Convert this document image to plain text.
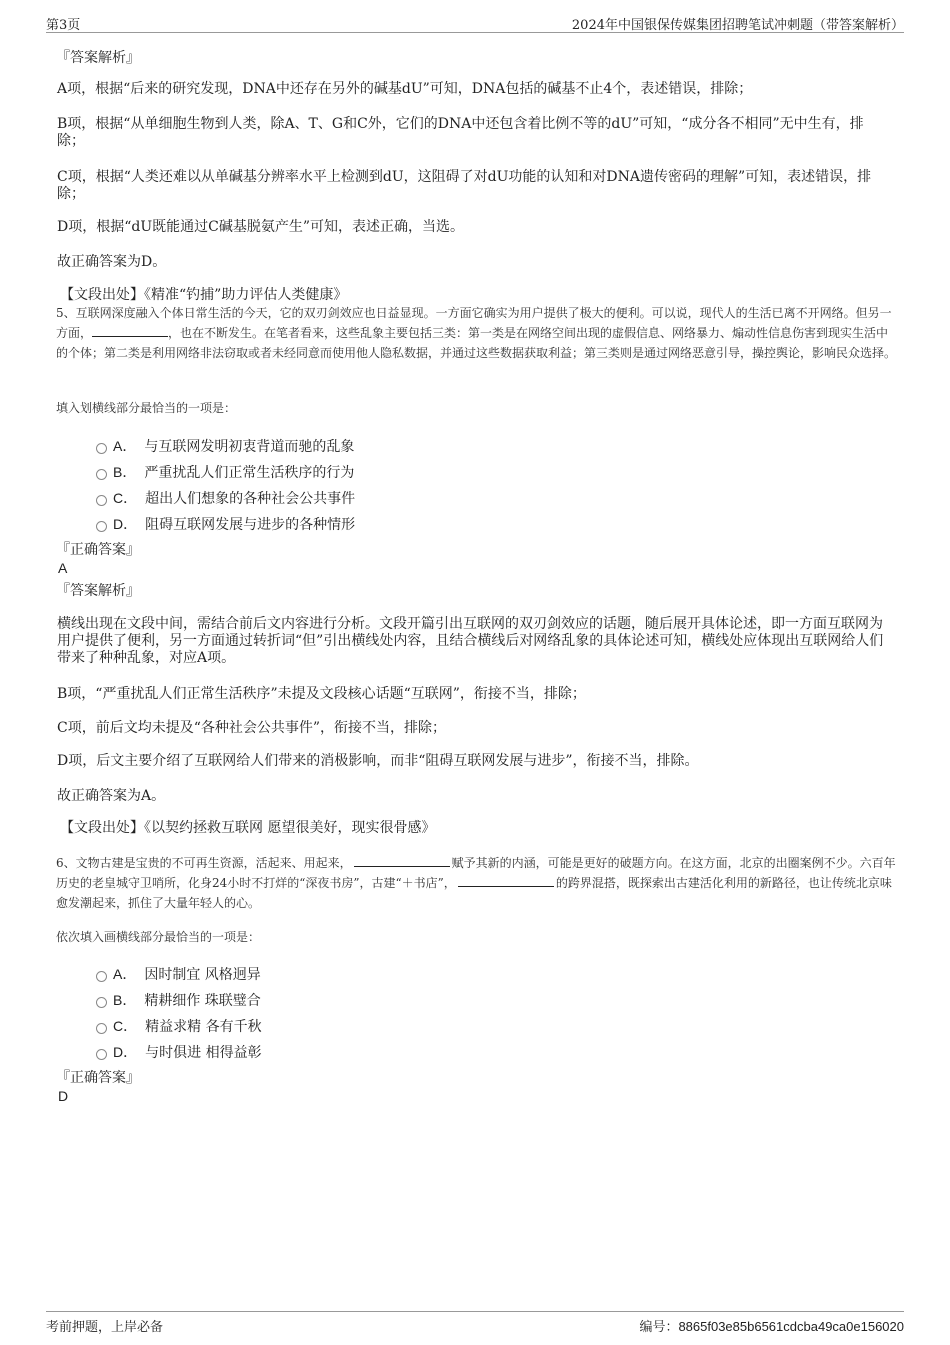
第3页	2024年中国银保传媒集团招聘笔试冲刺题（带答案解析）
『答案解析』
A项，根据“后来的研究发现，DNA中还存在另外的碱基dU”可知，DNA包括的碱基不止4个，表述错误，排除；
B项，根据“从单细胞生物到人类，除A、T、G和C外，它们的DNA中还包含着比例不等的dU”可知，“成分各不相同”无中生有，排除；
C项，根据“人类还难以从单碱基分辨率水平上检测到dU，这阻碍了对dU功能的认知和对DNA遗传密码的理解”可知，表述错误，排除；
D项，根据“dU既能通过C碱基脱氨产生”可知，表述正确，当选。
故正确答案为D。
【文段出处】《精准“钓捕”助力评估人类健康》
5、互联网深度融入个体日常生活的今天，它的双刃剑效应也日益显现。一方面它确实为用户提供了极大的便利。可以说，现代人的生活已离不开网络。但另一方面，	，也在不断发生。在笔者看来，这些乱象主要包括三类：第一类是在网络空间出现的虚假信息、网络暴力、煽动性信息伤害到现实生活中的个体；第二类是利用网络非法窃取或者未经同意而使用他人隐私数据，并通过这些数据获取利益；第三类则是通过网络恶意引导，操控舆论，影响民众选择。
填入划横线部分最恰当的一项是：
A． 与互联网发明初衷背道而驰的乱象
B． 严重扰乱人们正常生活秩序的行为
C． 超出人们想象的各种社会公共事件
D． 阻碍互联网发展与进步的各种情形
『正确答案』
A
『答案解析』
横线出现在文段中间，需结合前后文内容进行分析。文段开篇引出互联网的双刃剑效应的话题，随后展开具体论述，即一方面互联网为用户提供了便利，另一方面通过转折词“但”引出横线处内容，且结合横线后对网络乱象的具体论述可知，横线处应体现出互联网给人们带来了种种乱象，对应A项。
B项，“严重扰乱人们正常生活秩序”未提及文段核心话题“互联网”，衔接不当，排除；
C项，前后文均未提及“各种社会公共事件”，衔接不当，排除；
D项，后文主要介绍了互联网给人们带来的消极影响，而非“阻碍互联网发展与进步”，衔接不当，排除。
故正确答案为A。
【文段出处】《以契约拯救互联网 愿望很美好，现实很骨感》
6、文物古建是宝贵的不可再生资源，活起来、用起来，	赋予其新的内涵，可能是更好的破题方向。在这方面，北京的出圈案例不少。六百年历史的老皇城守卫哨所，化身24小时不打烊的“深夜书房”，古建“＋书店”，	的跨界混搭，既探索出古建活化利用的新路径，也让传统北京味愈发潮起来，抓住了大量年轻人的心。
依次填入画横线部分最恰当的一项是：
A． 因时制宜 风格迥异
B． 精耕细作 珠联璧合
C． 精益求精 各有千秋
D． 与时俱进 相得益彰
『正确答案』
D
考前押题，上岸必备	编号：8865f03e85b6561cdcba49ca0e156020
